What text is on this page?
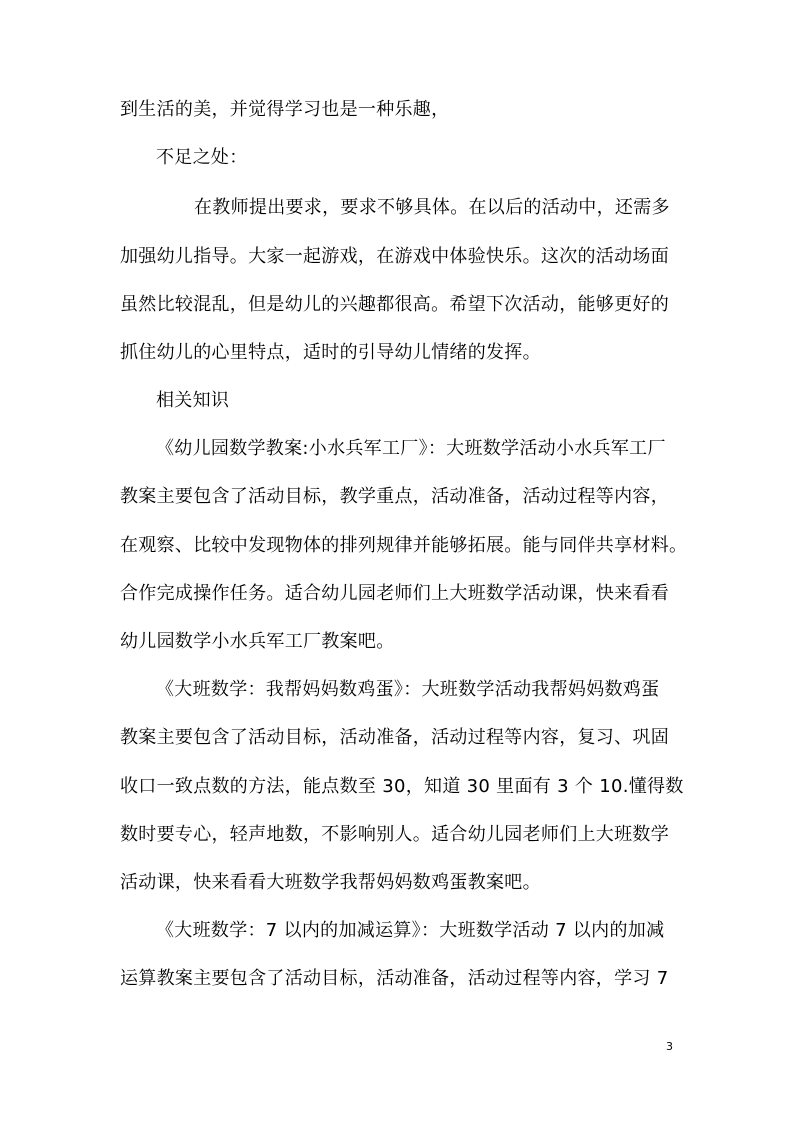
到生活的美，并觉得学习也是一种乐趣，
不足之处：
在教师提出要求，要求不够具体。在以后的活动中，还需多
加强幼儿指导。大家一起游戏，在游戏中体验快乐。这次的活动场面
虽然比较混乱，但是幼儿的兴趣都很高。希望下次活动，能够更好的
抓住幼儿的心里特点，适时的引导幼儿情绪的发挥。
相关知识
《幼儿园数学教案:小水兵军工厂》：大班数学活动小水兵军工厂
教案主要包含了活动目标，教学重点，活动准备，活动过程等内容，
在观察、比较中发现物体的排列规律并能够拓展。能与同伴共享材料。
合作完成操作任务。适合幼儿园老师们上大班数学活动课，快来看看
幼儿园数学小水兵军工厂教案吧。
《大班数学：我帮妈妈数鸡蛋》：大班数学活动我帮妈妈数鸡蛋
教案主要包含了活动目标，活动准备，活动过程等内容，复习、巩固
收口一致点数的方法，能点数至 30，知道 30 里面有 3 个 10.懂得数
数时要专心，轻声地数，不影响别人。适合幼儿园老师们上大班数学
活动课，快来看看大班数学我帮妈妈数鸡蛋教案吧。
《大班数学：7 以内的加减运算》：大班数学活动 7 以内的加减
运算教案主要包含了活动目标，活动准备，活动过程等内容，学习 7
3
